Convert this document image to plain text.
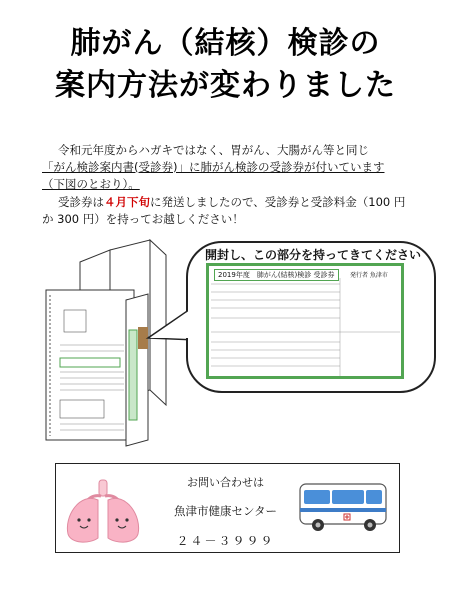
肺がん（結核）検診の
案内方法が変わりました
令和元年度からハガキではなく、胃がん、大腸がん等と同じ
「がん検診案内書(受診券)」に肺がん検診の受診券が付いています
（下図のとおり）。
受診券は４月下旬に発送しましたので、受診券と受診料金（100 円
か 300 円）を持ってお越しください！
開封し、この部分を持ってきてください
2019年度　肺がん(結核)検診 受診券	発行者 魚津市
お問い合わせは
魚津市健康センター
２４－３９９９
